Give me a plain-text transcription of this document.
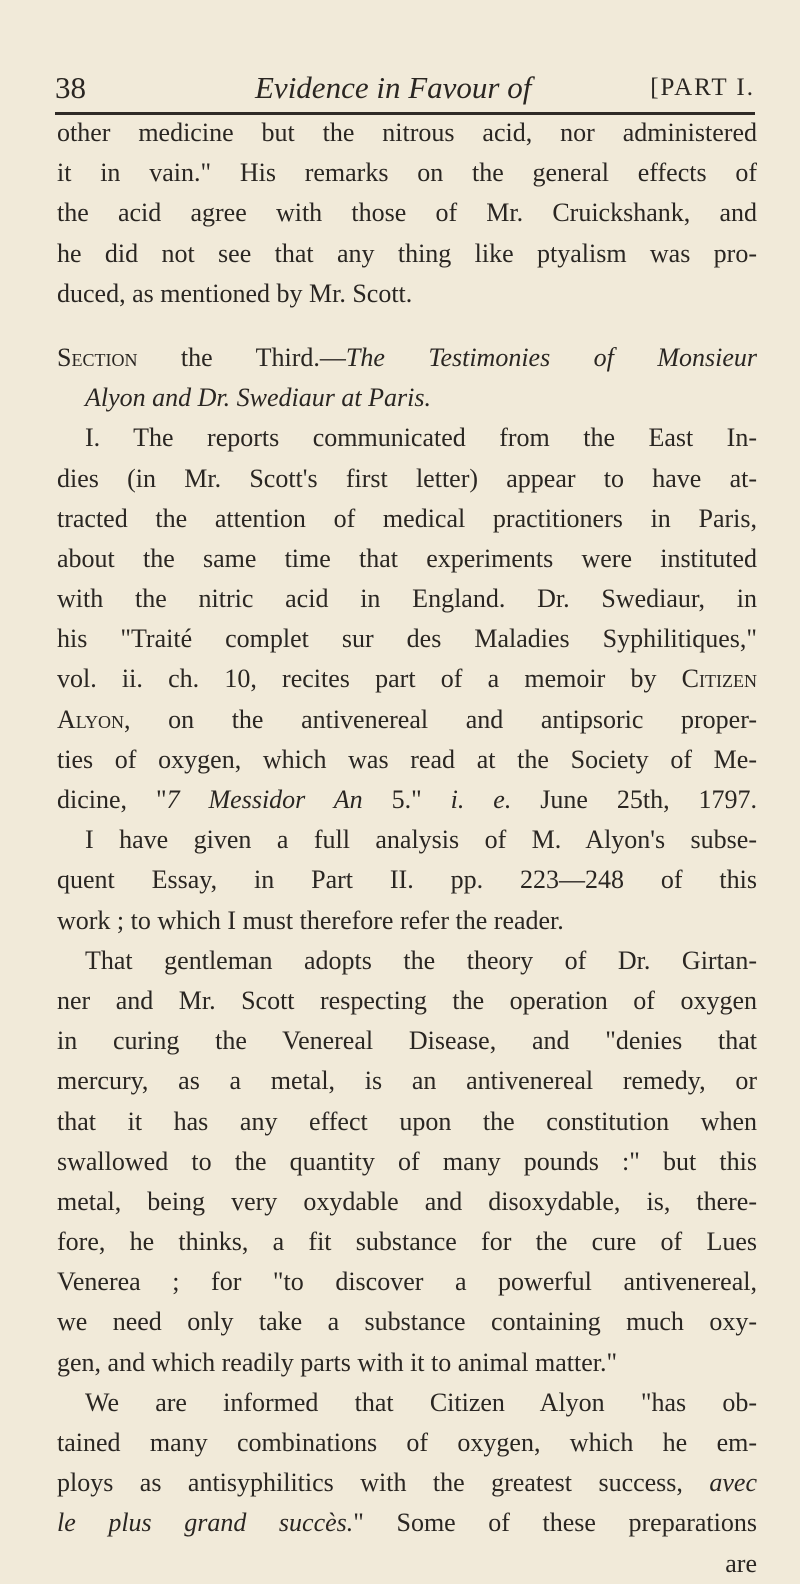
38	Evidence in Favour of	[PART I.
other medicine but the nitrous acid, nor administered
it in vain." His remarks on the general effects of
the acid agree with those of Mr. Cruickshank, and
he did not see that any thing like ptyalism was pro-
duced, as mentioned by Mr. Scott.
Section the Third.—The Testimonies of Monsieur
Alyon and Dr. Swediaur at Paris.
I. The reports communicated from the East In-
dies (in Mr. Scott's first letter) appear to have at-
tracted the attention of medical practitioners in Paris,
about the same time that experiments were instituted
with the nitric acid in England. Dr. Swediaur, in
his "Traité complet sur des Maladies Syphilitiques,"
vol. ii. ch. 10, recites part of a memoir by Citizen
Alyon, on the antivenereal and antipsoric proper-
ties of oxygen, which was read at the Society of Me-
dicine, "7 Messidor An 5." i. e. June 25th, 1797.
I have given a full analysis of M. Alyon's subse-
quent Essay, in Part II. pp. 223—248 of this
work ; to which I must therefore refer the reader.
That gentleman adopts the theory of Dr. Girtan-
ner and Mr. Scott respecting the operation of oxygen
in curing the Venereal Disease, and "denies that
mercury, as a metal, is an antivenereal remedy, or
that it has any effect upon the constitution when
swallowed to the quantity of many pounds :" but this
metal, being very oxydable and disoxydable, is, there-
fore, he thinks, a fit substance for the cure of Lues
Venerea ; for "to discover a powerful antivenereal,
we need only take a substance containing much oxy-
gen, and which readily parts with it to animal matter."
We are informed that Citizen Alyon "has ob-
tained many combinations of oxygen, which he em-
ploys as antisyphilitics with the greatest success, avec
le plus grand succès." Some of these preparations
are
